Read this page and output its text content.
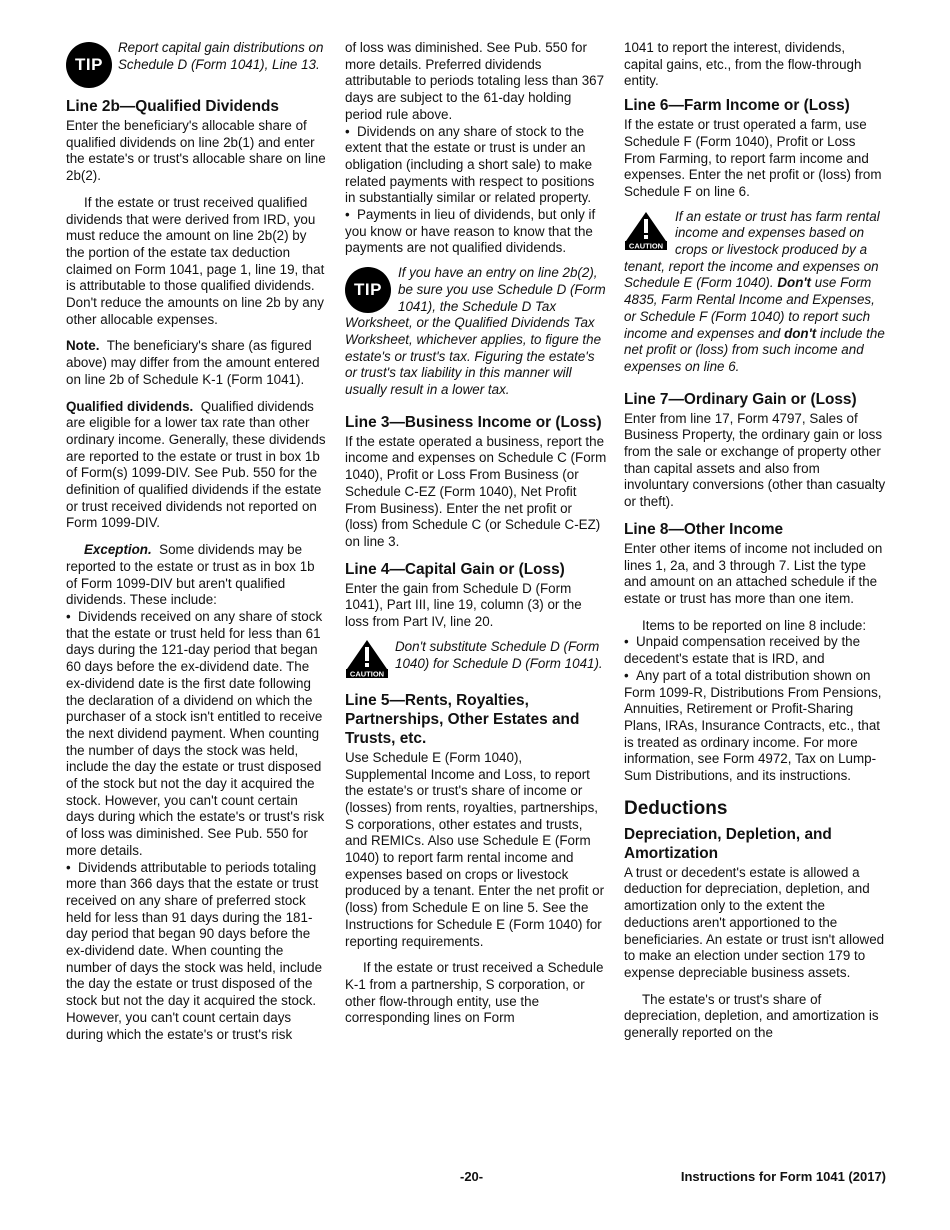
TIP

Report capital gain distributions on Schedule D (Form 1041), Line 13.

Line 2b—Qualified Dividends

Enter the beneficiary's allocable share of qualified dividends on line 2b(1) and enter the estate's or trust's allocable share on line 2b(2).

If the estate or trust received qualified dividends that were derived from IRD, you must reduce the amount on line 2b(2) by the portion of the estate tax deduction claimed on Form 1041, page 1, line 19, that is attributable to those qualified dividends. Don't reduce the amounts on line 2b by any other allocable expenses.

Note. The beneficiary's share (as figured above) may differ from the amount entered on line 2b of Schedule K-1 (Form 1041).

Qualified dividends. Qualified dividends are eligible for a lower tax rate than other ordinary income. Generally, these dividends are reported to the estate or trust in box 1b of Form(s) 1099-DIV. See Pub. 550 for the definition of qualified dividends if the estate or trust received dividends not reported on Form 1099-DIV.

Exception. Some dividends may be reported to the estate or trust as in box 1b of Form 1099-DIV but aren't qualified dividends. These include:

• Dividends received on any share of stock that the estate or trust held for less than 61 days during the 121-day period that began 60 days before the ex-dividend date. The ex-dividend date is the first date following the declaration of a dividend on which the purchaser of a stock isn't entitled to receive the next dividend payment. When counting the number of days the stock was held, include the day the estate or trust disposed of the stock but not the day it acquired the stock. However, you can't count certain days during which the estate's or trust's risk of loss was diminished. See Pub. 550 for more details.

• Dividends attributable to periods totaling more than 366 days that the estate or trust received on any share of preferred stock held for less than 91 days during the 181-day period that began 90 days before the ex-dividend date. When counting the number of days the stock was held, include the day the estate or trust disposed of the stock but not the day it acquired the stock. However, you can't count certain days during which the estate's or trust's risk

of loss was diminished. See Pub. 550 for more details. Preferred dividends attributable to periods totaling less than 367 days are subject to the 61-day holding period rule above.

• Dividends on any share of stock to the extent that the estate or trust is under an obligation (including a short sale) to make related payments with respect to positions in substantially similar or related property.

• Payments in lieu of dividends, but only if you know or have reason to know that the payments are not qualified dividends.

TIP

If you have an entry on line 2b(2), be sure you use Schedule D (Form 1041), the Schedule D Tax Worksheet, or the Qualified Dividends Tax Worksheet, whichever applies, to figure the estate's or trust's tax. Figuring the estate's or trust's tax liability in this manner will usually result in a lower tax.

Line 3—Business Income or (Loss)

If the estate operated a business, report the income and expenses on Schedule C (Form 1040), Profit or Loss From Business (or Schedule C-EZ (Form 1040), Net Profit From Business). Enter the net profit or (loss) from Schedule C (or Schedule C-EZ) on line 3.

Line 4—Capital Gain or (Loss)

Enter the gain from Schedule D (Form 1041), Part III, line 19, column (3) or the loss from Part IV, line 20.

CAUTION

Don't substitute Schedule D (Form 1040) for Schedule D (Form 1041).

Line 5—Rents, Royalties, Partnerships, Other Estates and Trusts, etc.

Use Schedule E (Form 1040), Supplemental Income and Loss, to report the estate's or trust's share of income or (losses) from rents, royalties, partnerships, S corporations, other estates and trusts, and REMICs. Also use Schedule E (Form 1040) to report farm rental income and expenses based on crops or livestock produced by a tenant. Enter the net profit or (loss) from Schedule E on line 5. See the Instructions for Schedule E (Form 1040) for reporting requirements.

If the estate or trust received a Schedule K-1 from a partnership, S corporation, or other flow-through entity, use the corresponding lines on Form

1041 to report the interest, dividends, capital gains, etc., from the flow-through entity.

Line 6—Farm Income or (Loss)

If the estate or trust operated a farm, use Schedule F (Form 1040), Profit or Loss From Farming, to report farm income and expenses. Enter the net profit or (loss) from Schedule F on line 6.

CAUTION

If an estate or trust has farm rental income and expenses based on crops or livestock produced by a tenant, report the income and expenses on Schedule E (Form 1040). Don't use Form 4835, Farm Rental Income and Expenses, or Schedule F (Form 1040) to report such income and expenses and don't include the net profit or (loss) from such income and expenses on line 6.

Line 7—Ordinary Gain or (Loss)

Enter from line 17, Form 4797, Sales of Business Property, the ordinary gain or loss from the sale or exchange of property other than capital assets and also from involuntary conversions (other than casualty or theft).

Line 8—Other Income

Enter other items of income not included on lines 1, 2a, and 3 through 7. List the type and amount on an attached schedule if the estate or trust has more than one item.

Items to be reported on line 8 include:

• Unpaid compensation received by the decedent's estate that is IRD, and

• Any part of a total distribution shown on Form 1099-R, Distributions From Pensions, Annuities, Retirement or Profit-Sharing Plans, IRAs, Insurance Contracts, etc., that is treated as ordinary income. For more information, see Form 4972, Tax on Lump-Sum Distributions, and its instructions.

Deductions
Depreciation, Depletion, and Amortization

A trust or decedent's estate is allowed a deduction for depreciation, depletion, and amortization only to the extent the deductions aren't apportioned to the beneficiaries. An estate or trust isn't allowed to make an election under section 179 to expense depreciable business assets.

The estate's or trust's share of depreciation, depletion, and amortization is generally reported on the

-20-	Instructions for Form 1041 (2017)
